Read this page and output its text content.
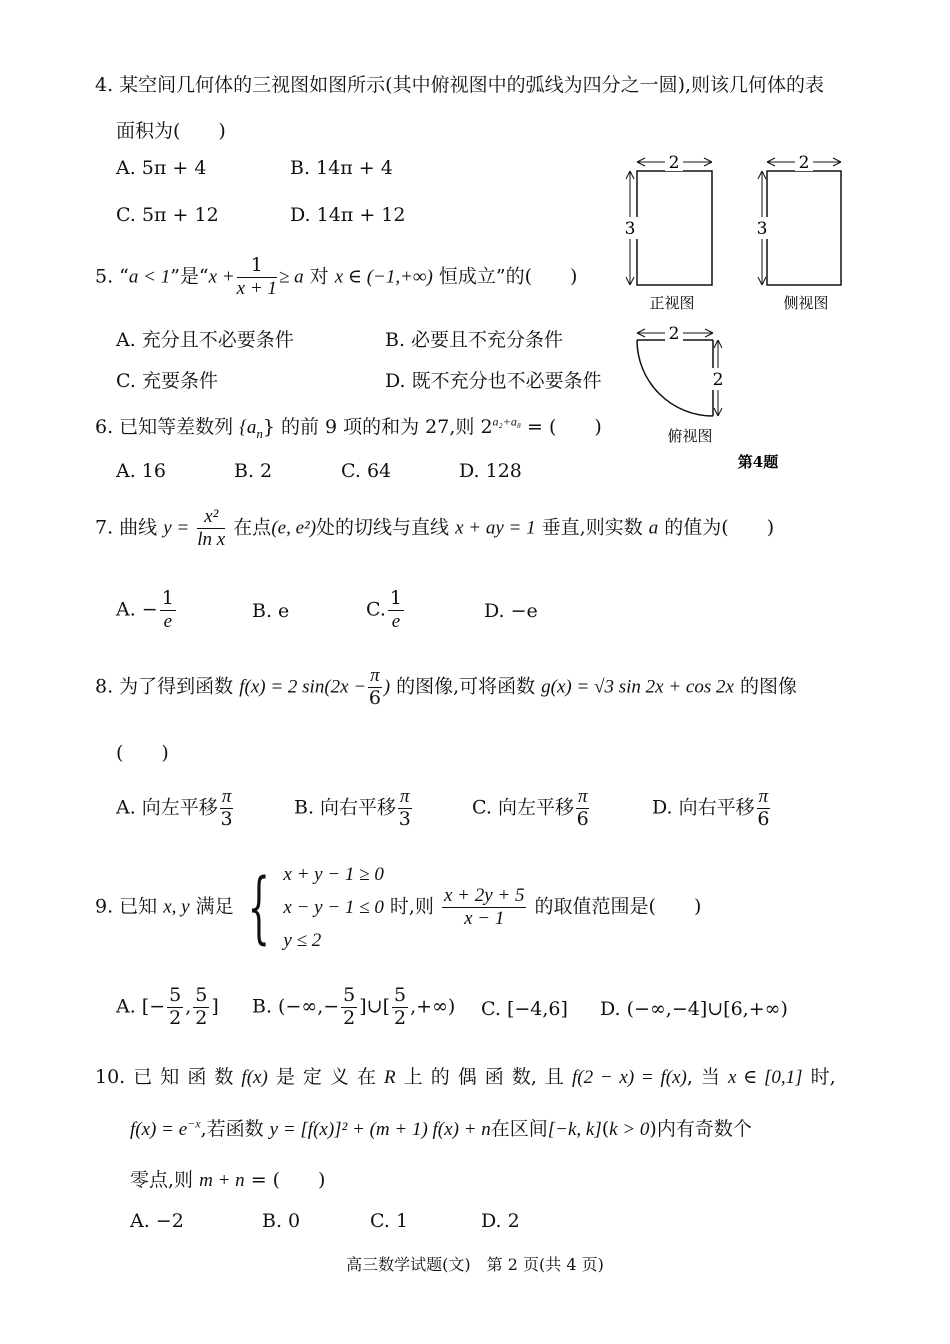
4. 某空间几何体的三视图如图所示(其中俯视图中的弧线为四分之一圆),则该几何体的表
面积为(　　)
A. 5π + 4	B. 14π + 4
C. 5π + 12	D. 14π + 12
2
3
正视图
2
3
侧视图
2
2
俯视图
第4题
5. “a < 1”是“$x + \frac{1}{x + 1} \ge a$ 对 x ∈ (−1,+∞) 恒成立”的(　　)
A. 充分且不必要条件	B. 必要且不充分条件
C. 充要条件	D. 既不充分也不必要条件
6. 已知等差数列 $\{a_n\}$ 的前 9 项的和为 27,则 $2^{a_2+a_8}$ = (　　)
A. 16	B. 2	C. 64	D. 128
7. 曲线 $y = \frac{\text{x²}}{\text{ln x}}$ 在点(e, e²)处的切线与直线 x + ay = 1 垂直,则实数 a 的值为(　　)
A. − $\frac{1}{e}$	B. e	C. $\frac{1}{e}$	D. −e
8. 为了得到函数 f(x) = 2 $\sin(2x - \frac{\pi}{6}$ ) 的图像,可将函数 g(x) = √3 sin 2x + cos 2x 的图像
(　　)
A. 向左平移 $\frac{\pi}{3}$	B. 向右平移 $\frac{\pi}{3}$	C. 向左平移 $\frac{\pi}{6}$	D. 向右平移 $\frac{\pi}{6}$
9. 已知 x, y 满足 { x + y − 1 ≥ 0
x − y − 1 ≤ 0
y ≤ 2
时,则 $\frac{x + 2y + 5}{x - 1}$ 的取值范围是(　　)
A. [− $\frac{5}{2}$ , $\frac{5}{2}$ ] B. (−∞,− $\frac{5}{2}$ ]∪[ $\frac{5}{2}$ ,+∞) C. [−4,6] D. (−∞,−4]∪[6,+∞)
10. 已 知 函 数 f(x) 是 定 义 在 R 上 的 偶 函 数, 且 f(2 − x) = f(x), 当 x ∈ [0,1] 时,
$f(x) = e^{-x}$,若函数 y = [f(x)]² + (m + 1) f(x) + n在区间[−k, k](k > 0)内有奇数个
零点,则 m + n = (　　)
A. −2	B. 0	C. 1	D. 2
高三数学试题(文)　第 2 页(共 4 页)
